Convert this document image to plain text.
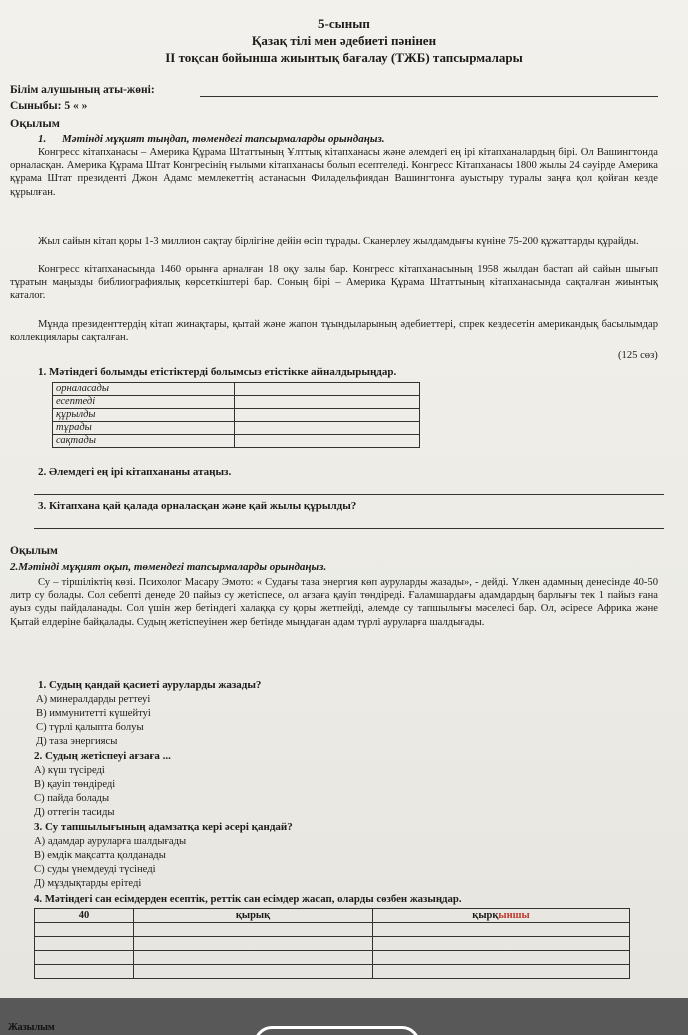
5-сынып
Қазақ тілі мен әдебиеті пәнінен
ІІ тоқсан бойынша жиынтық бағалау (ТЖБ) тапсырмалары
Білім алушының аты-жөні:
Сыныбы: 5 « »
Оқылым
1. Мәтінді мұқият тыңдап, төмендегі тапсырмаларды орындаңыз.
Конгресс кітапханасы – Америка Құрама Штаттының Ұлттық кітапханасы және әлемдегі ең ірі кітапханалардың бірі. Ол Вашингтонда орналасқан. Америка Құрама Штат Конгресінің ғылыми кітапханасы болып есептеледі. Конгресс Кітапханасы 1800 жылы 24 сәуірде Америка құрама Штат президенті Джон Адамс мемлекеттің астанасын Филадельфиядан Вашингтонға ауыстыру туралы заңға қол қойған кезде құрылған.
Жыл сайын кітап қоры 1-3 миллион сақтау бірлігіне дейін өсіп тұрады. Сканерлеу жылдамдығы күніне 75-200 құжаттарды құрайды.
Конгресс кітапханасында 1460 орынға арналған 18 оқу залы бар. Конгресс кітапханасының 1958 жылдан бастап ай сайын шығып тұратын маңызды библиографиялық көрсеткіштері бар. Соның бірі – Америка Құрама Штаттының кітапханасында сақталған жиынтық каталог.
Мұнда президенттердің кітап жинақтары, қытай және жапон тұындыларының әдебиеттері, спрек кездесетін американдық басылымдар коллекциялары сақталған.
(125 сөз)
1. Мәтіндегі болымды етістіктерді болымсыз етістікке айналдырыңдар.
орналасады	
есептеді	
құрылды	
тұрады	
сақтады	
2. Әлемдегі ең ірі кітапхананы атаңыз.
3. Кітапхана қай қалада орналасқан және қай жылы құрылды?
Оқылым
2.Мәтінді мұқият оқып, төмендегі тапсырмаларды орындаңыз.
Су – тіршіліктің көзі. Психолог Масару Эмото: « Судағы таза энергия көп ауруларды жазады», - дейді. Үлкен адамның денесінде 40-50 литр су болады. Сол себепті денеде 20 пайыз су жетіспесе, ол ағзаға қауіп төндіреді. Ғаламшардағы адамдардың барлығы тек 1 пайыз ғана ауыз суды пайдаланады. Сол үшін жер бетіндегі халаққа су қоры жетпейді, әлемде су тапшылығы мәселесі бар. Ол, әсіресе Африка және Қытай елдеріне байқалады. Судың жетіспеуінен жер бетінде мыңдаған адам түрлі ауруларға шалдығады.
1. Судың қандай қасиеті ауруларды жазады?
А) минералдарды реттеуі
В) иммунитетті күшейтуі
С) түрлі қалыпта болуы
Д) таза энергиясы
2. Судың жетіспеуі ағзаға ...
А) күш түсіреді
В) қауіп төндіреді
С) пайда болады
Д) оттегін тасиды
3. Су тапшылығының адамзатқа кері әсері қандай?
А) адамдар ауруларға шалдығады
В) емдік мақсатта қолданады
С) суды үнемдеуді түсінеді
Д) мұздықтарды ерітеді
4. Мәтіндегі сан есімдерден есептік, реттік сан есімдер жасап, оларды сөзбен жазыңдар.
40	қырық	қырқыншы

Жазылым
